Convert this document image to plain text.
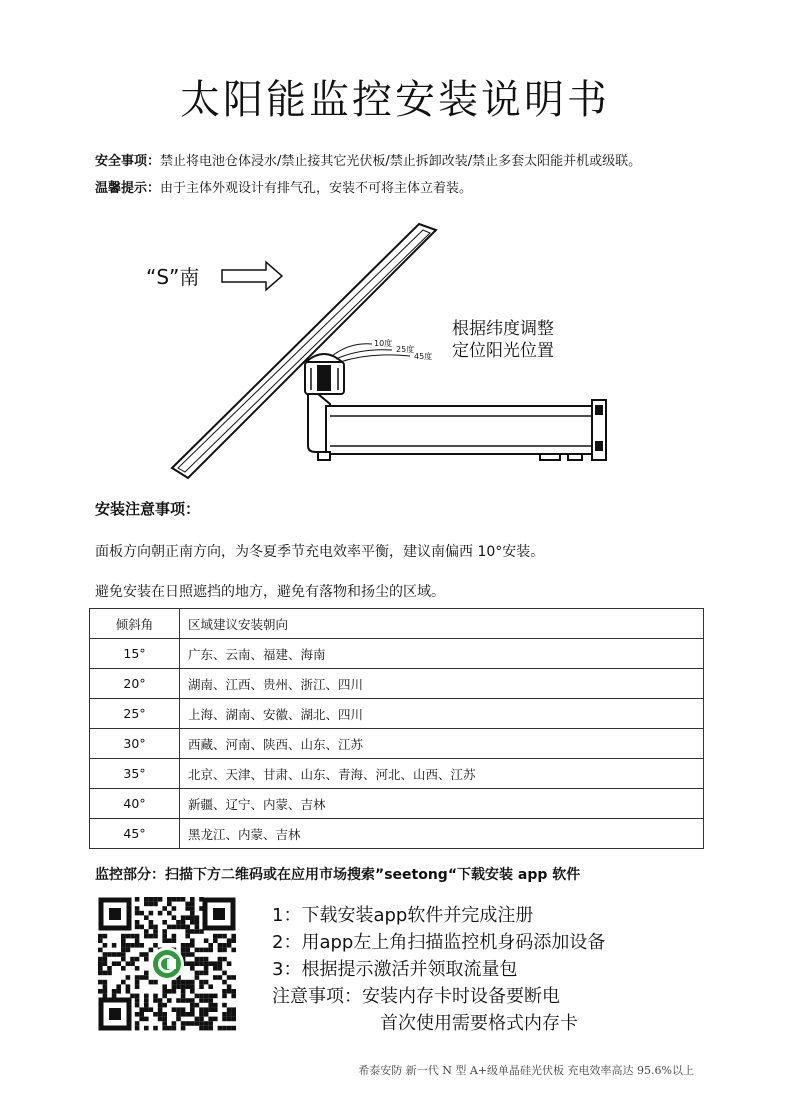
太阳能监控安装说明书
安全事项：禁止将电池仓体浸水/禁止接其它光伏板/禁止拆卸改装/禁止多套太阳能并机或级联。
温馨提示：由于主体外观设计有排气孔，安装不可将主体立着装。
“S”南
10度
25度
45度
根据纬度调整
定位阳光位置
安装注意事项：
面板方向朝正南方向，为冬夏季节充电效率平衡，建议南偏西 10°安装。
避免安装在日照遮挡的地方，避免有落物和扬尘的区域。
倾斜角	区域建议安装朝向
15°	广东、云南、福建、海南
20°	湖南、江西、贵州、浙江、四川
25°	上海、湖南、安徽、湖北、四川
30°	西藏、河南、陕西、山东、江苏
35°	北京、天津、甘肃、山东、青海、河北、山西、江苏
40°	新疆、辽宁、内蒙、吉林
45°	黑龙江、内蒙、吉林
监控部分：扫描下方二维码或在应用市场搜索”seetong“下载安装 app 软件
1：下载安装app软件并完成注册
2：用app左上角扫描监控机身码添加设备
3：根据提示激活并领取流量包
注意事项：安装内存卡时设备要断电
首次使用需要格式内存卡
希泰安防 新一代 N 型 A+级单晶硅光伏板 充电效率高达 95.6%以上
